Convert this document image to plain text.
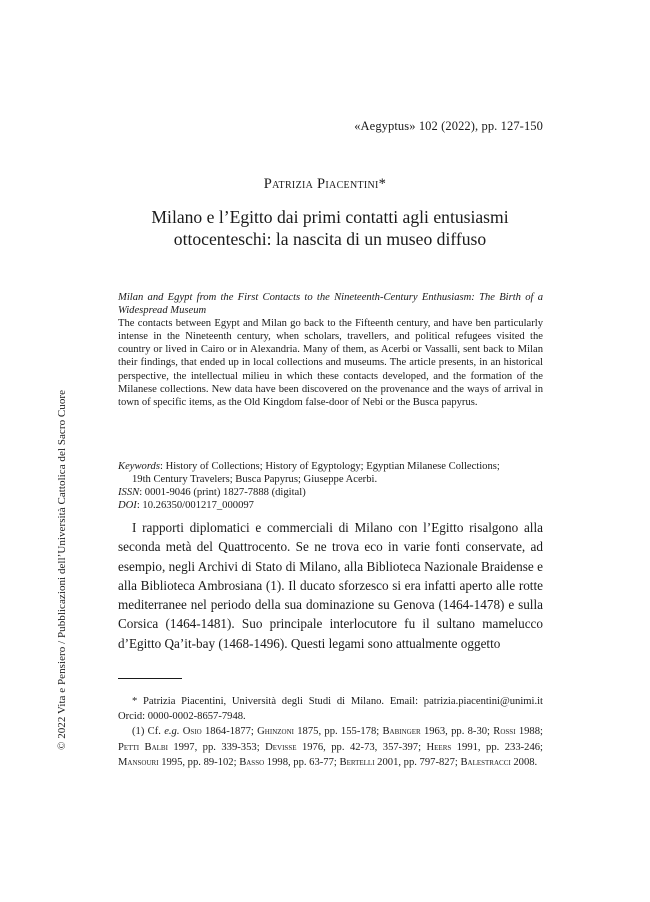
«Aegyptus» 102 (2022), pp. 127-150
© 2022 Vita e Pensiero / Pubblicazioni dell’Università Cattolica del Sacro Cuore
Patrizia Piacentini*
Milano e l’Egitto dai primi contatti agli entusiasmi
ottocenteschi: la nascita di un museo diffuso

Milan and Egypt from the First Contacts to the Nineteenth-Century Enthusiasm: The Birth of a Widespread Museum

The contacts between Egypt and Milan go back to the Fifteenth century, and have ben particularly intense in the Nineteenth century, when scholars, travellers, and political refugees visited the country or lived in Cairo or in Alexandria. Many of them, as Acerbi or Vassalli, sent back to Milan their findings, that ended up in local collections and museums. The article presents, in an historical perspective, the intellectual milieu in which these contacts developed, and the formation of the Milanese collections. New data have been discovered on the provenance and the ways of arrival in town of specific items, as the Old Kingdom false-door of Nebi or the Busca papyrus.

Keywords: History of Collections; History of Egyptology; Egyptian Milanese Collections;
19th Century Travelers; Busca Papyrus; Giuseppe Acerbi.
ISSN: 0001-9046 (print) 1827-7888 (digital)
DOI: 10.26350/001217_000097

I rapporti diplomatici e commerciali di Milano con l’Egitto risalgono alla seconda metà del Quattrocento. Se ne trova eco in varie fonti conservate, ad esempio, negli Archivi di Stato di Milano, alla Biblioteca Nazionale Braidense e alla Biblioteca Ambrosiana (1). Il ducato sforzesco si era infatti aperto alle rotte mediterranee nel periodo della sua dominazione su Genova (1464-1478) e sulla Corsica (1464-1481). Suo principale interlocutore fu il sultano mamelucco d’Egitto Qa’it-bay (1468-1496). Questi legami sono attualmente oggetto

* Patrizia Piacentini, Università degli Studi di Milano. Email: patrizia.piacentini@unimi.it Orcid: 0000-0002-8657-7948.

(1) Cf. e.g. Osio 1864-1877; Ghinzoni 1875, pp. 155-178; Babinger 1963, pp. 8-30; Rossi 1988; Petti Balbi 1997, pp. 339-353; Devisse 1976, pp. 42-73, 357-397; Heers 1991, pp. 233-246; Mansouri 1995, pp. 89-102; Basso 1998, pp. 63-77; Bertelli 2001, pp. 797-827; Balestracci 2008.
